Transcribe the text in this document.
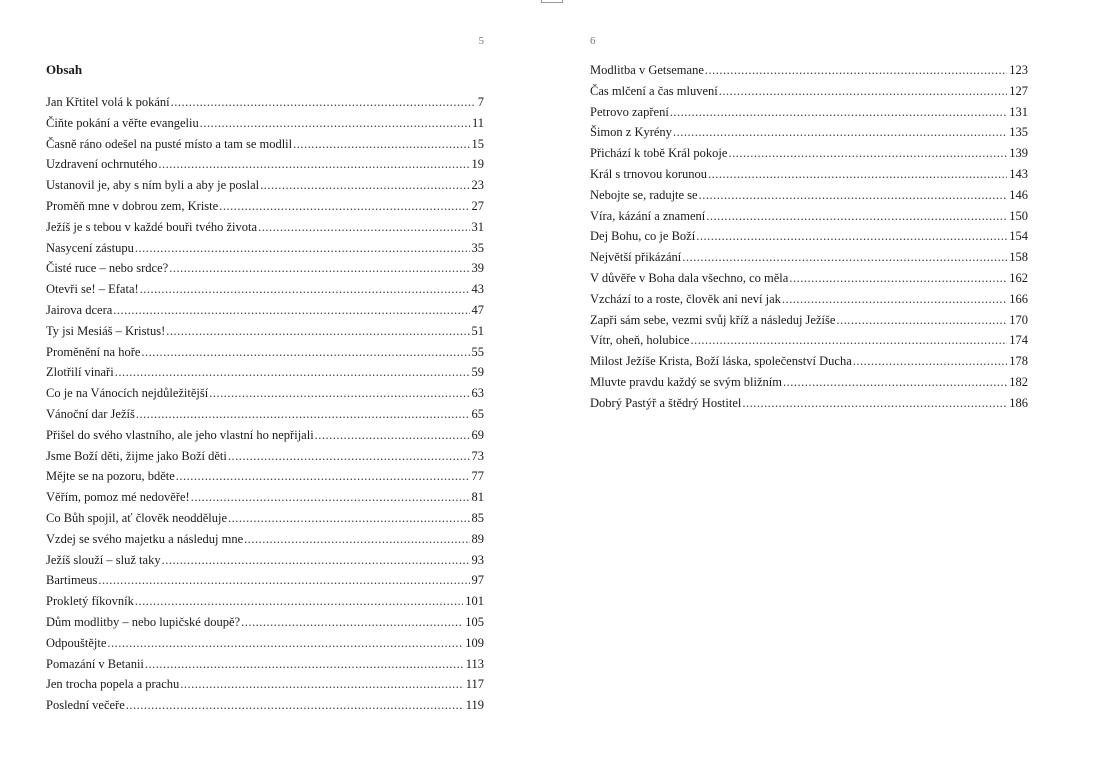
5
Obsah
Jan Křtitel volá k pokání .....	7
Čiňte pokání a věřte evangeliu .....	11
Časně ráno odešel na pusté místo a tam se modlil .....	15
Uzdravení ochrnutého .....	19
Ustanovil je, aby s ním byli a aby je poslal .....	23
Proměň mne v dobrou zem, Kriste .....	27
Ježíš je s tebou v každé bouři tvého života .....	31
Nasycení zástupu .....	35
Čisté ruce – nebo srdce? .....	39
Otevři se! – Efata! .....	43
Jairova dcera .....	47
Ty jsi Mesiáš – Kristus! .....	51
Proměnění na hoře .....	55
Zlotřilí vinaři .....	59
Co je na Vánocích nejdůležitější .....	63
Vánoční dar Ježíš .....	65
Přišel do svého vlastního, ale jeho vlastní ho nepřijali .....	69
Jsme Boží děti, žijme jako Boží děti .....	73
Mějte se na pozoru, bděte .....	77
Věřím, pomoz mé nedověře! .....	81
Co Bůh spojil, ať člověk neodděluje .....	85
Vzdej se svého majetku a následuj mne .....	89
Ježíš slouží – služ taky .....	93
Bartimeus .....	97
Prokletý fíkovník .....	101
Dům modlitby – nebo lupičské doupě? .....	105
Odpouštějte .....	109
Pomazání v Betanii .....	113
Jen trocha popela a prachu .....	117
Poslední večeře .....	119
6
Modlitba v Getsemane .....	123
Čas mlčení a čas mluvení .....	127
Petrovo zapření .....	131
Šimon z Kyrény .....	135
Přichází k tobě Král pokoje .....	139
Král s trnovou korunou .....	143
Nebojte se, radujte se .....	146
Víra, kázání a znamení .....	150
Dej Bohu, co je Boží .....	154
Největší přikázání .....	158
V důvěře v Boha dala všechno, co měla .....	162
Vzchází to a roste, člověk ani neví jak .....	166
Zapři sám sebe, vezmi svůj kříž a následuj Ježíše .....	170
Vítr, oheň, holubice .....	174
Milost Ježíše Krista, Boží láska, společenství Ducha .....	178
Mluvte pravdu každý se svým bližním .....	182
Dobrý Pastýř a štědrý Hostitel .....	186
